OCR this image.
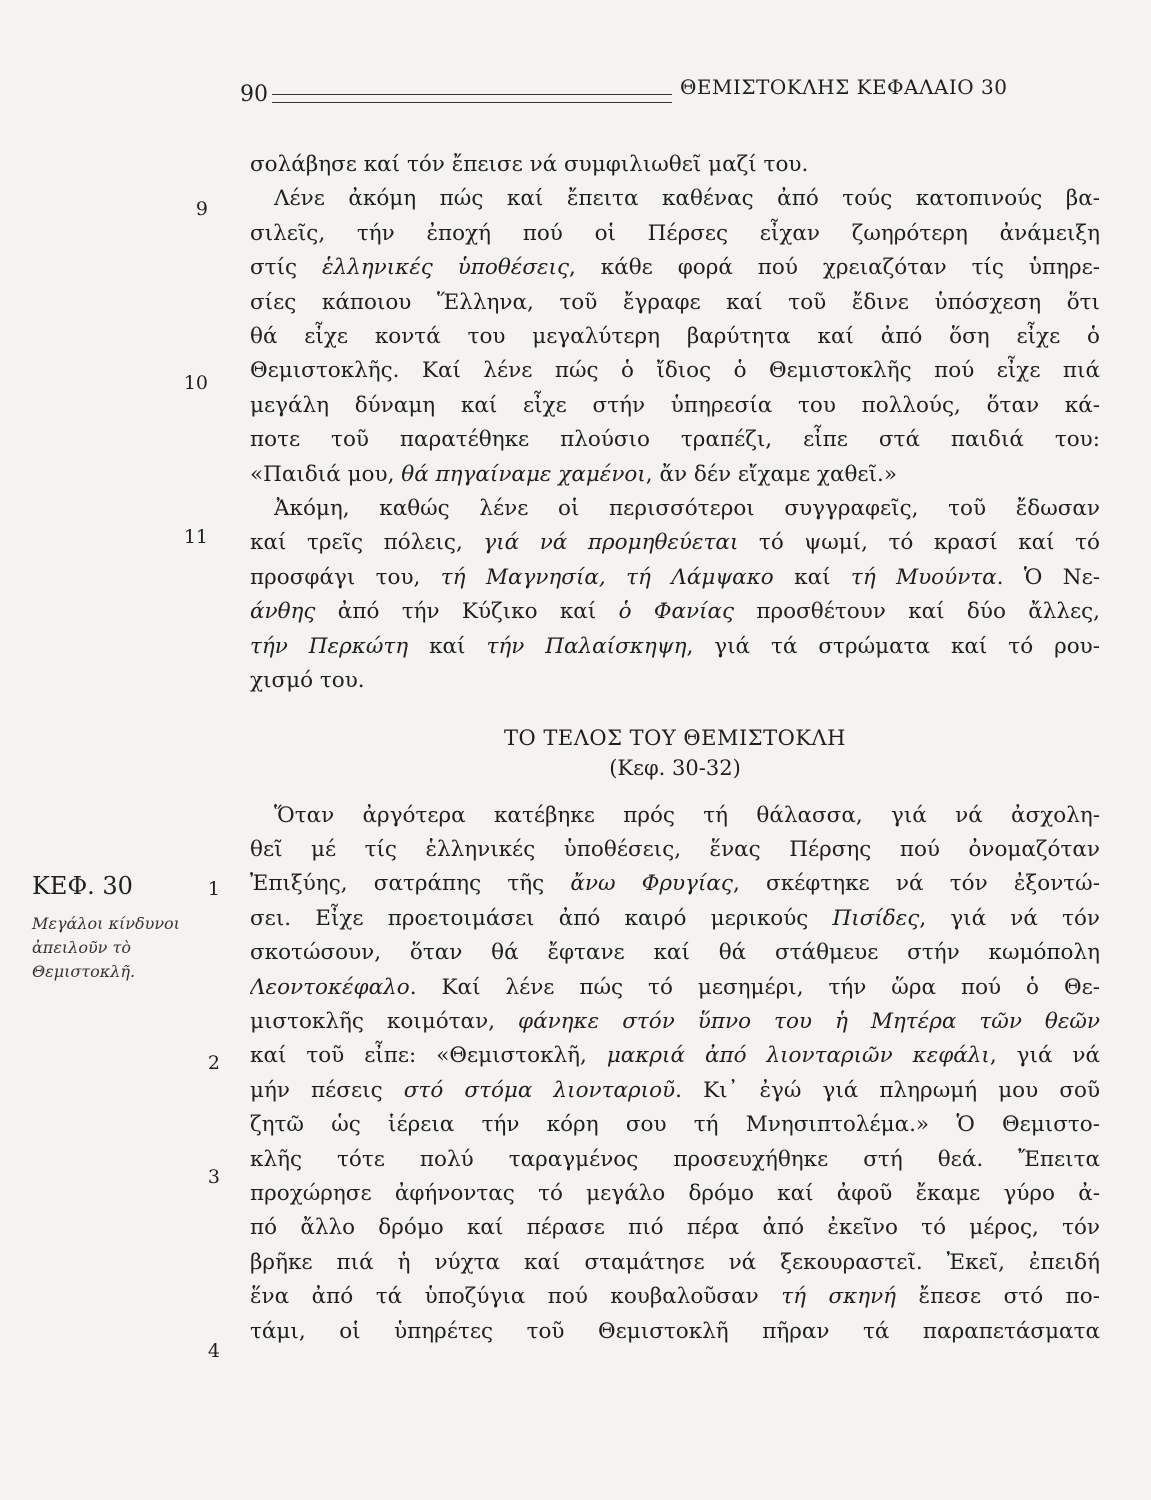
90	ΘΕΜΙΣΤΟΚΛΗΣ ΚΕΦΑΛΑΙΟ 30
9
10
11
1
2
3
4
ΚΕΦ. 30
Μεγάλοι κίνδυνοι ἀπειλοῦν τὸ Θεμιστοκλῆ.
σολάβησε καί τόν ἔπεισε νά συμφιλιωθεῖ μαζί του.
Λένε ἀκόμη πώς καί ἔπειτα καθένας ἀπό τούς κατοπινούς βα-
σιλεῖς, τήν ἐποχή πού οἱ Πέρσες εἶχαν ζωηρότερη ἀνάμειξη
στίς ἑλληνικές ὑποθέσεις, κάθε φορά πού χρειαζόταν τίς ὑπηρε-
σίες κάποιου Ἕλληνα, τοῦ ἔγραφε καί τοῦ ἔδινε ὑπόσχεση ὅτι
θά εἶχε κοντά του μεγαλύτερη βαρύτητα καί ἀπό ὅση εἶχε ὁ
Θεμιστοκλῆς. Καί λένε πώς ὁ ἴδιος ὁ Θεμιστοκλῆς πού εἶχε πιά
μεγάλη δύναμη καί εἶχε στήν ὑπηρεσία του πολλούς, ὅταν κά-
ποτε τοῦ παρατέθηκε πλούσιο τραπέζι, εἶπε στά παιδιά του:
«Παιδιά μου, θά πηγαίναμε χαμένοι, ἄν δέν εἴχαμε χαθεῖ.»
Ἀκόμη, καθώς λένε οἱ περισσότεροι συγγραφεῖς, τοῦ ἔδωσαν
καί τρεῖς πόλεις, γιά νά προμηθεύεται τό ψωμί, τό κρασί καί τό
προσφάγι του, τή Μαγνησία, τή Λάμψακο καί τή Μυούντα. Ὁ Νε-
άνθης ἀπό τήν Κύζικο καί ὁ Φανίας προσθέτουν καί δύο ἄλλες,
τήν Περκώτη καί τήν Παλαίσκηψη, γιά τά στρώματα καί τό ρου-
χισμό του.
ΤΟ ΤΕΛΟΣ ΤΟΥ ΘΕΜΙΣΤΟΚΛΗ
(Κεφ. 30-32)
Ὅταν ἀργότερα κατέβηκε πρός τή θάλασσα, γιά νά ἀσχολη-
θεῖ μέ τίς ἑλληνικές ὑποθέσεις, ἕνας Πέρσης πού ὀνομαζόταν
Ἐπιξύης, σατράπης τῆς ἄνω Φρυγίας, σκέφτηκε νά τόν ἐξοντώ-
σει. Εἶχε προετοιμάσει ἀπό καιρό μερικούς Πισίδες, γιά νά τόν
σκοτώσουν, ὅταν θά ἔφτανε καί θά στάθμευε στήν κωμόπολη
Λεοντοκέφαλο. Καί λένε πώς τό μεσημέρι, τήν ὥρα πού ὁ Θε-
μιστοκλῆς κοιμόταν, φάνηκε στόν ὕπνο του ἡ Μητέρα τῶν θεῶν
καί τοῦ εἶπε: «Θεμιστοκλῆ, μακριά ἀπό λιονταριῶν κεφάλι, γιά νά
μήν πέσεις στό στόμα λιονταριοῦ. Κι᾽ ἐγώ γιά πληρωμή μου σοῦ
ζητῶ ὡς ἱέρεια τήν κόρη σου τή Μνησιπτολέμα.» Ὁ Θεμιστο-
κλῆς τότε πολύ ταραγμένος προσευχήθηκε στή θεά. Ἔπειτα
προχώρησε ἀφήνοντας τό μεγάλο δρόμο καί ἀφοῦ ἔκαμε γύρο ἀ-
πό ἄλλο δρόμο καί πέρασε πιό πέρα ἀπό ἐκεῖνο τό μέρος, τόν
βρῆκε πιά ἡ νύχτα καί σταμάτησε νά ξεκουραστεῖ. Ἐκεῖ, ἐπειδή
ἕνα ἀπό τά ὑποζύγια πού κουβαλοῦσαν τή σκηνή ἔπεσε στό πο-
τάμι, οἱ ὑπηρέτες τοῦ Θεμιστοκλῆ πῆραν τά παραπετάσματα
